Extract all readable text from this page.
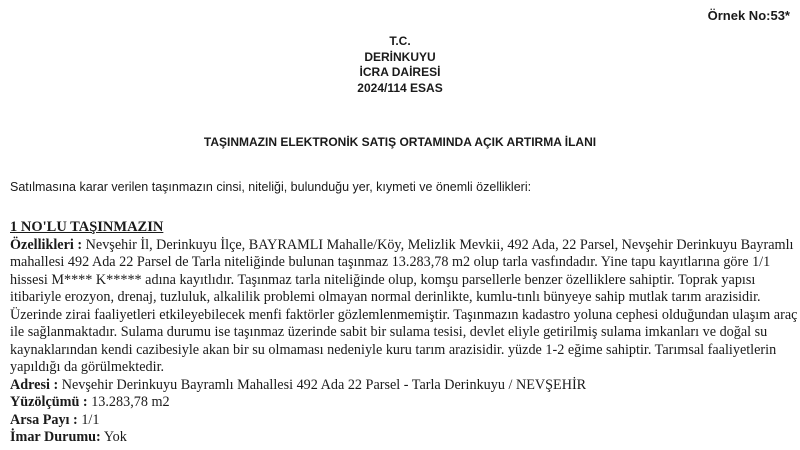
Örnek No:53*
T.C.
DERİNKUYU
İCRA DAİRESİ
2024/114 ESAS
TAŞINMAZIN ELEKTRONİK SATIŞ ORTAMINDA AÇIK ARTIRMA İLANI
Satılmasına karar verilen taşınmazın cinsi, niteliği, bulunduğu yer, kıymeti ve önemli özellikleri:
1 NO'LU TAŞINMAZIN
Özellikleri : Nevşehir İl, Derinkuyu İlçe, BAYRAMLI Mahalle/Köy, Melizlik Mevkii, 492 Ada, 22 Parsel, Nevşehir Derinkuyu Bayramlı
mahallesi 492 Ada 22 Parsel de Tarla niteliğinde bulunan taşınmaz 13.283,78 m2 olup tarla vasfındadır. Yine tapu kayıtlarına göre 1/1
hissesi M**** K***** adına kayıtlıdır. Taşınmaz tarla niteliğinde olup, komşu parsellerle benzer özelliklere sahiptir. Toprak yapısı
itibariyle erozyon, drenaj, tuzluluk, alkalilik problemi olmayan normal derinlikte, kumlu-tınlı bünyeye sahip mutlak tarım arazisidir.
Üzerinde zirai faaliyetleri etkileyebilecek menfi faktörler gözlemlenmemiştir. Taşınmazın kadastro yoluna cephesi olduğundan ulaşım araç
ile sağlanmaktadır. Sulama durumu ise taşınmaz üzerinde sabit bir sulama tesisi, devlet eliyle getirilmiş sulama imkanları ve doğal su
kaynaklarından kendi cazibesiyle akan bir su olmaması nedeniyle kuru tarım arazisidir. yüzde 1-2 eğime sahiptir. Tarımsal faaliyetlerin
yapıldığı da görülmektedir.
Adresi : Nevşehir Derinkuyu Bayramlı Mahallesi 492 Ada 22 Parsel - Tarla Derinkuyu / NEVŞEHİR
Yüzölçümü : 13.283,78 m2
Arsa Payı : 1/1
İmar Durumu: Yok
